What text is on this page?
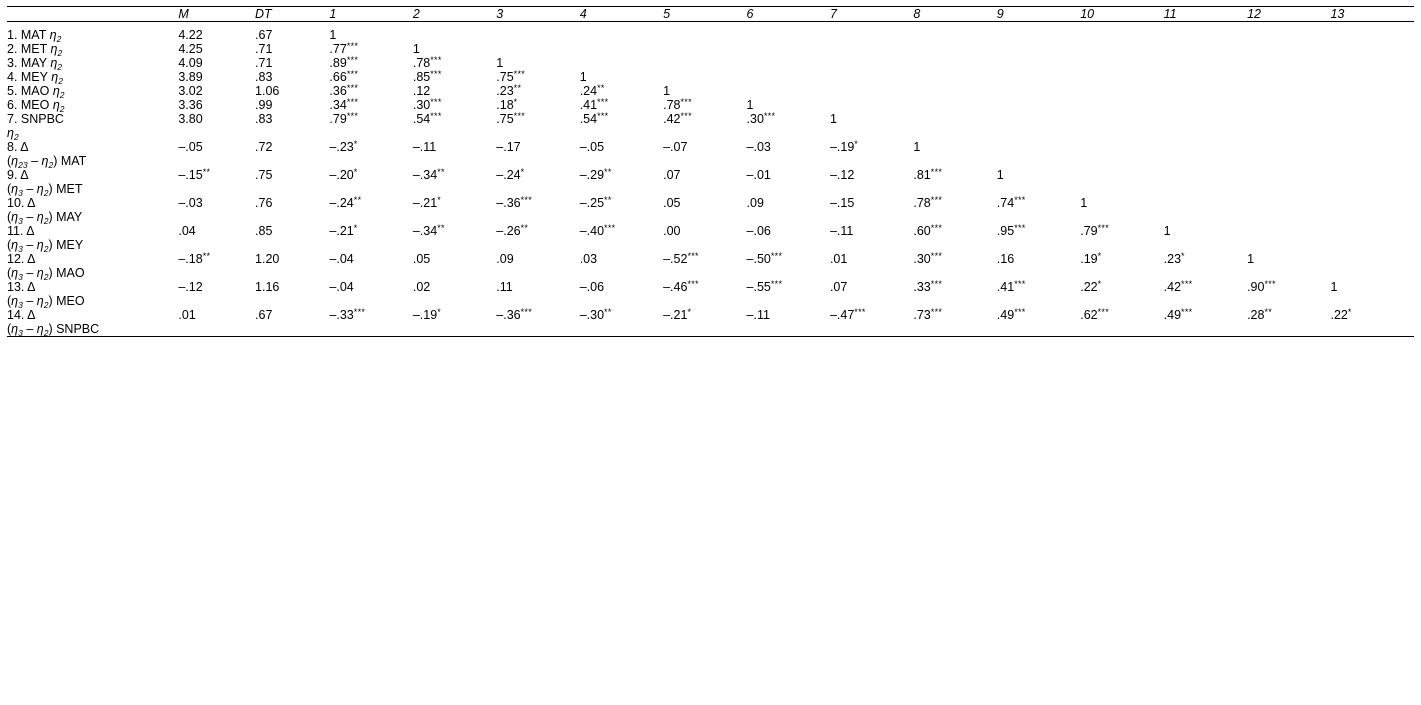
	M	DT	1	2	3	4	5	6	7	8	9	10	11	12	13

1. MAT $\eta_2$	4.22	.67	1												

2. MET $\eta_2$	4.25	.71	.77***	1											

3. MAY $\eta_2$	4.09	.71	.89***	.78***	1										

4. MEY $\eta_2$	3.89	.83	.66***	.85***	.75***	1									

5. MAO $\eta_2$	3.02	1.06	.36***	.12	.23**	.24**	1								

6. MEO $\eta_2$	3.36	.99	.34***	.30***	.18*	.41***	.78***	1							

7. SNPBC
$\eta_2$	3.80	.83	.79***	.54***	.75***	.54***	.42***	.30***	1						

8. Δ
$(\eta_{23} - \eta_2)$ MAT	–.05	.72	–.23*	–.11	–.17	–.05	–.07	–.03	–.19*	1					

9. Δ
$(\eta_3 - \eta_2)$ MET	–.15**	.75	–.20*	–.34**	–.24*	–.29**	.07	–.01	–.12	.81***	1				

10. Δ
$(\eta_3 - \eta_2)$ MAY	–.03	.76	–.24**	–.21*	–.36***	–.25**	.05	.09	–.15	.78***	.74***	1			

11. Δ
$(\eta_3 - \eta_2)$ MEY	.04	.85	–.21*	–.34**	–.26**	–.40***	.00	–.06	–.11	.60***	.95***	.79***	1		

12. Δ
$(\eta_3 - \eta_2)$ MAO	–.18**	1.20	–.04	.05	.09	.03	–.52***	–.50***	.01	.30***	.16	.19*	.23*	1	

13. Δ
$(\eta_3 - \eta_2)$ MEO	–.12	1.16	–.04	.02	.11	–.06	–.46***	–.55***	.07	.33***	.41***	.22*	.42***	.90***	1

14. Δ
$(\eta_3 - \eta_2)$ SNPBC	.01	.67	–.33***	–.19*	–.36***	–.30**	–.21*	–.11	–.47***	.73***	.49***	.62***	.49***	.28**	.22*
